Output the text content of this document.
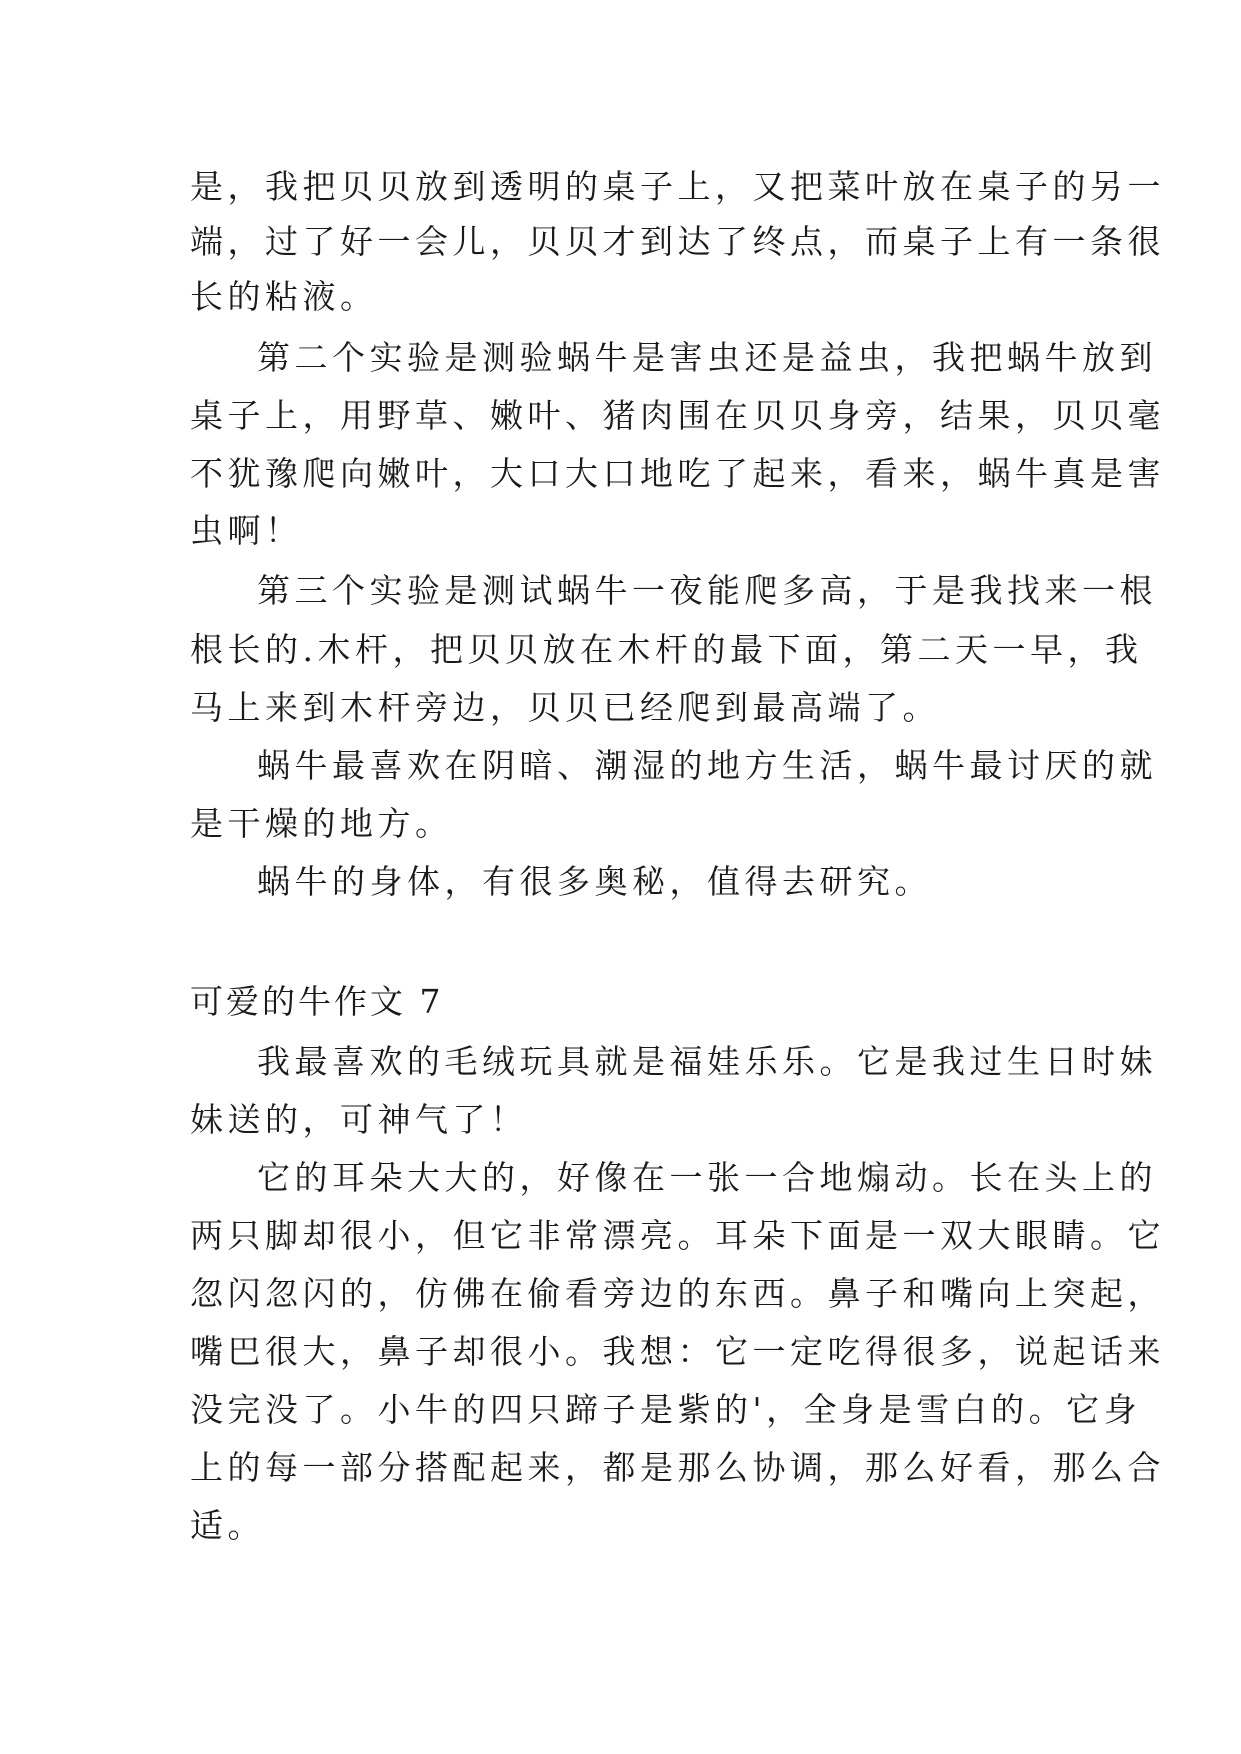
是，我把贝贝放到透明的桌子上，又把菜叶放在桌子的另一
端，过了好一会儿，贝贝才到达了终点，而桌子上有一条很
长的粘液。
第二个实验是测验蜗牛是害虫还是益虫，我把蜗牛放到
桌子上，用野草、嫩叶、猪肉围在贝贝身旁，结果，贝贝毫
不犹豫爬向嫩叶，大口大口地吃了起来，看来，蜗牛真是害
虫啊！
第三个实验是测试蜗牛一夜能爬多高，于是我找来一根
根长的.木杆，把贝贝放在木杆的最下面，第二天一早，我
马上来到木杆旁边，贝贝已经爬到最高端了。
蜗牛最喜欢在阴暗、潮湿的地方生活，蜗牛最讨厌的就
是干燥的地方。
蜗牛的身体，有很多奥秘，值得去研究。
可爱的牛作文 7
我最喜欢的毛绒玩具就是福娃乐乐。它是我过生日时妹
妹送的，可神气了！
它的耳朵大大的，好像在一张一合地煽动。长在头上的
两只脚却很小，但它非常漂亮。耳朵下面是一双大眼睛。它
忽闪忽闪的，仿佛在偷看旁边的东西。鼻子和嘴向上突起，
嘴巴很大，鼻子却很小。我想：它一定吃得很多，说起话来
没完没了。小牛的四只蹄子是紫的'，全身是雪白的。它身
上的每一部分搭配起来，都是那么协调，那么好看，那么合
适。
